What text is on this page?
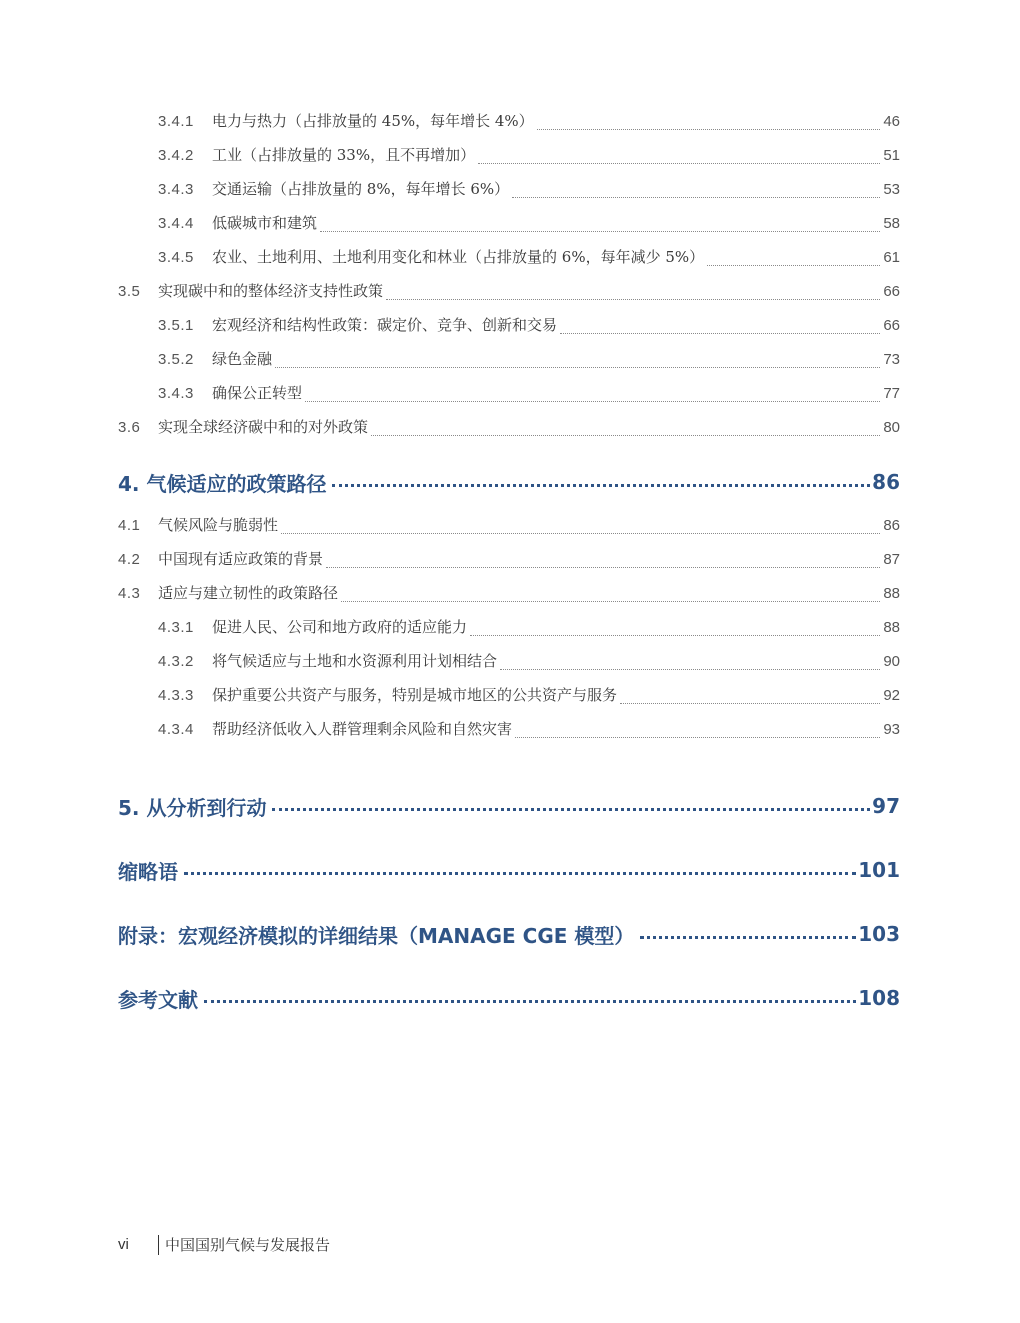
3.4.1	电力与热力（占排放量的 45%，每年增长 4%）	46
3.4.2	工业（占排放量的 33%，且不再增加）	51
3.4.3	交通运输（占排放量的 8%，每年增长 6%）	53
3.4.4	低碳城市和建筑	58
3.4.5	农业、土地利用、土地利用变化和林业（占排放量的 6%，每年减少 5%）	61
3.5	实现碳中和的整体经济支持性政策	66
3.5.1	宏观经济和结构性政策：碳定价、竞争、创新和交易	66
3.5.2	绿色金融	73
3.4.3	确保公正转型	77
3.6	实现全球经济碳中和的对外政策	80
4. 气候适应的政策路径	86
4.1	气候风险与脆弱性	86
4.2	中国现有适应政策的背景	87
4.3	适应与建立韧性的政策路径	88
4.3.1	促进人民、公司和地方政府的适应能力	88
4.3.2	将气候适应与土地和水资源利用计划相结合	90
4.3.3	保护重要公共资产与服务，特别是城市地区的公共资产与服务	92
4.3.4	帮助经济低收入人群管理剩余风险和自然灾害	93
5. 从分析到行动	97
缩略语	101
附录：宏观经济模拟的详细结果（MANAGE CGE 模型）	103
参考文献	108
vi	中国国别气候与发展报告
